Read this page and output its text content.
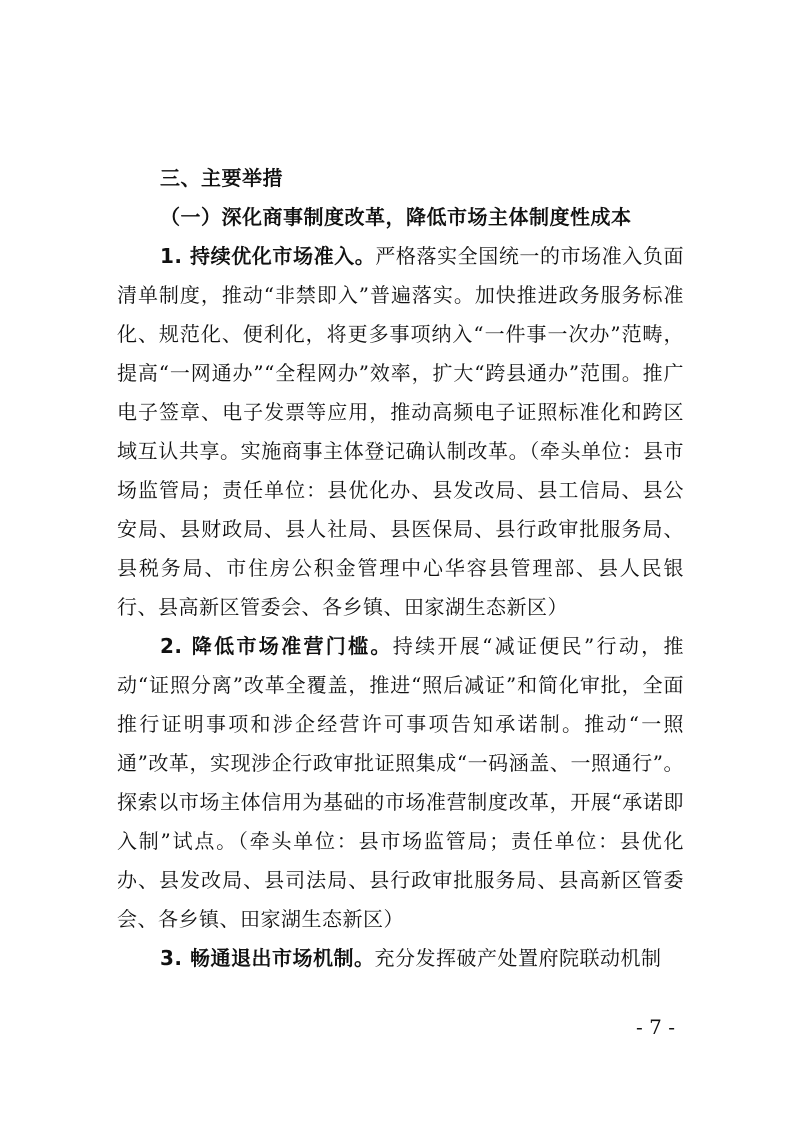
三、主要举措

（一）深化商事制度改革，降低市场主体制度性成本

1. 持续优化市场准入。严格落实全国统一的市场准入负面清单制度，推动“非禁即入”普遍落实。加快推进政务服务标准化、规范化、便利化，将更多事项纳入“一件事一次办”范畴，提高“一网通办”“全程网办”效率，扩大“跨县通办”范围。推广电子签章、电子发票等应用，推动高频电子证照标准化和跨区域互认共享。实施商事主体登记确认制改革。（牵头单位：县市场监管局；责任单位：县优化办、县发改局、县工信局、县公安局、县财政局、县人社局、县医保局、县行政审批服务局、县税务局、市住房公积金管理中心华容县管理部、县人民银行、县高新区管委会、各乡镇、田家湖生态新区）

2. 降低市场准营门槛。持续开展“减证便民”行动，推动“证照分离”改革全覆盖，推进“照后减证”和简化审批，全面推行证明事项和涉企经营许可事项告知承诺制。推动“一照通”改革，实现涉企行政审批证照集成“一码涵盖、一照通行”。探索以市场主体信用为基础的市场准营制度改革，开展“承诺即入制”试点。（牵头单位：县市场监管局；责任单位：县优化办、县发改局、县司法局、县行政审批服务局、县高新区管委会、各乡镇、田家湖生态新区）

3. 畅通退出市场机制。充分发挥破产处置府院联动机制

- 7 -
